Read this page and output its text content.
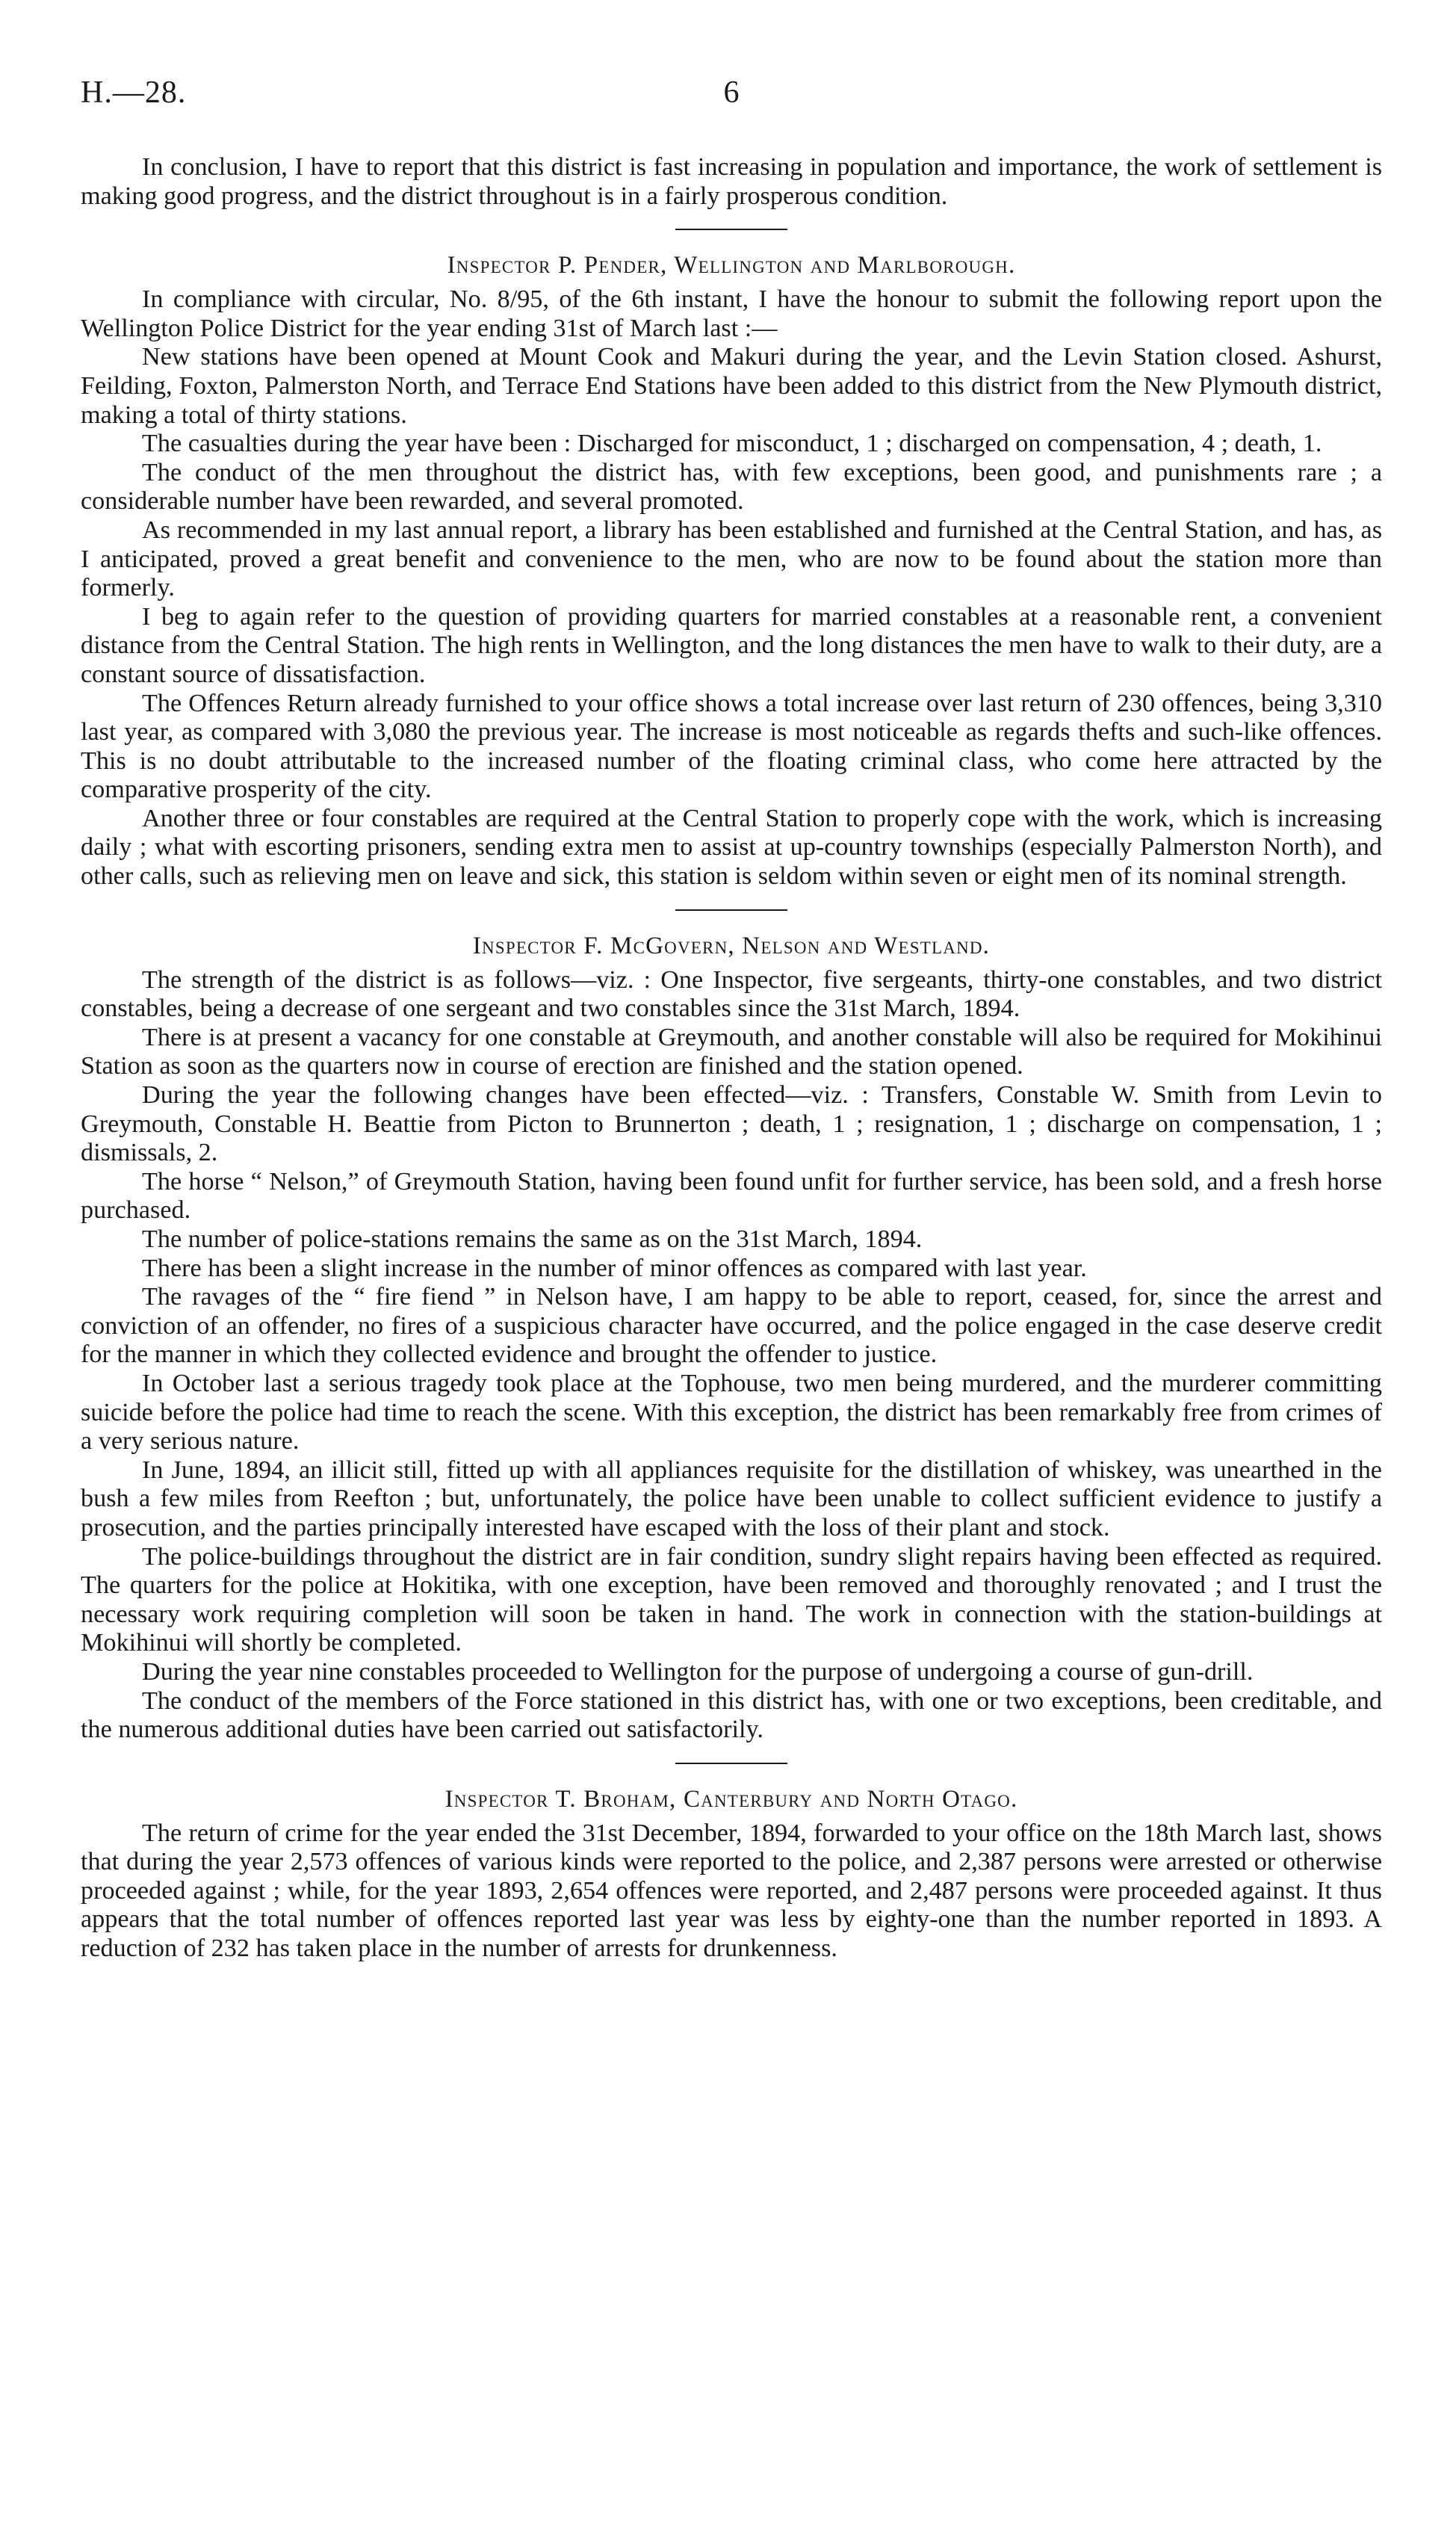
6
H.—28.

In conclusion, I have to report that this district is fast increasing in population and importance, the work of settlement is making good progress, and the district throughout is in a fairly prosperous condition.

Inspector P. Pender, Wellington and Marlborough.

In compliance with circular, No. 8/95, of the 6th instant, I have the honour to submit the following report upon the Wellington Police District for the year ending 31st of March last :—

New stations have been opened at Mount Cook and Makuri during the year, and the Levin Station closed. Ashurst, Feilding, Foxton, Palmerston North, and Terrace End Stations have been added to this district from the New Plymouth district, making a total of thirty stations.

The casualties during the year have been : Discharged for misconduct, 1 ; discharged on compensation, 4 ; death, 1.

The conduct of the men throughout the district has, with few exceptions, been good, and punishments rare ; a considerable number have been rewarded, and several promoted.

As recommended in my last annual report, a library has been established and furnished at the Central Station, and has, as I anticipated, proved a great benefit and convenience to the men, who are now to be found about the station more than formerly.

I beg to again refer to the question of providing quarters for married constables at a reasonable rent, a convenient distance from the Central Station. The high rents in Wellington, and the long distances the men have to walk to their duty, are a constant source of dissatisfaction.

The Offences Return already furnished to your office shows a total increase over last return of 230 offences, being 3,310 last year, as compared with 3,080 the previous year. The increase is most noticeable as regards thefts and such-like offences. This is no doubt attributable to the increased number of the floating criminal class, who come here attracted by the comparative prosperity of the city.

Another three or four constables are required at the Central Station to properly cope with the work, which is increasing daily ; what with escorting prisoners, sending extra men to assist at up-country townships (especially Palmerston North), and other calls, such as relieving men on leave and sick, this station is seldom within seven or eight men of its nominal strength.

Inspector F. McGovern, Nelson and Westland.

The strength of the district is as follows—viz. : One Inspector, five sergeants, thirty-one constables, and two district constables, being a decrease of one sergeant and two constables since the 31st March, 1894.

There is at present a vacancy for one constable at Greymouth, and another constable will also be required for Mokihinui Station as soon as the quarters now in course of erection are finished and the station opened.

During the year the following changes have been effected—viz. : Transfers, Constable W. Smith from Levin to Greymouth, Constable H. Beattie from Picton to Brunnerton ; death, 1 ; resignation, 1 ; discharge on compensation, 1 ; dismissals, 2.

The horse “ Nelson,” of Greymouth Station, having been found unfit for further service, has been sold, and a fresh horse purchased.

The number of police-stations remains the same as on the 31st March, 1894.

There has been a slight increase in the number of minor offences as compared with last year.

The ravages of the “ fire fiend ” in Nelson have, I am happy to be able to report, ceased, for, since the arrest and conviction of an offender, no fires of a suspicious character have occurred, and the police engaged in the case deserve credit for the manner in which they collected evidence and brought the offender to justice.

In October last a serious tragedy took place at the Tophouse, two men being murdered, and the murderer committing suicide before the police had time to reach the scene. With this exception, the district has been remarkably free from crimes of a very serious nature.

In June, 1894, an illicit still, fitted up with all appliances requisite for the distillation of whiskey, was unearthed in the bush a few miles from Reefton ; but, unfortunately, the police have been unable to collect sufficient evidence to justify a prosecution, and the parties principally interested have escaped with the loss of their plant and stock.

The police-buildings throughout the district are in fair condition, sundry slight repairs having been effected as required. The quarters for the police at Hokitika, with one exception, have been removed and thoroughly renovated ; and I trust the necessary work requiring completion will soon be taken in hand. The work in connection with the station-buildings at Mokihinui will shortly be completed.

During the year nine constables proceeded to Wellington for the purpose of undergoing a course of gun-drill.

The conduct of the members of the Force stationed in this district has, with one or two exceptions, been creditable, and the numerous additional duties have been carried out satisfactorily.

Inspector T. Broham, Canterbury and North Otago.

The return of crime for the year ended the 31st December, 1894, forwarded to your office on the 18th March last, shows that during the year 2,573 offences of various kinds were reported to the police, and 2,387 persons were arrested or otherwise proceeded against ; while, for the year 1893, 2,654 offences were reported, and 2,487 persons were proceeded against. It thus appears that the total number of offences reported last year was less by eighty-one than the number reported in 1893. A reduction of 232 has taken place in the number of arrests for drunkenness.
